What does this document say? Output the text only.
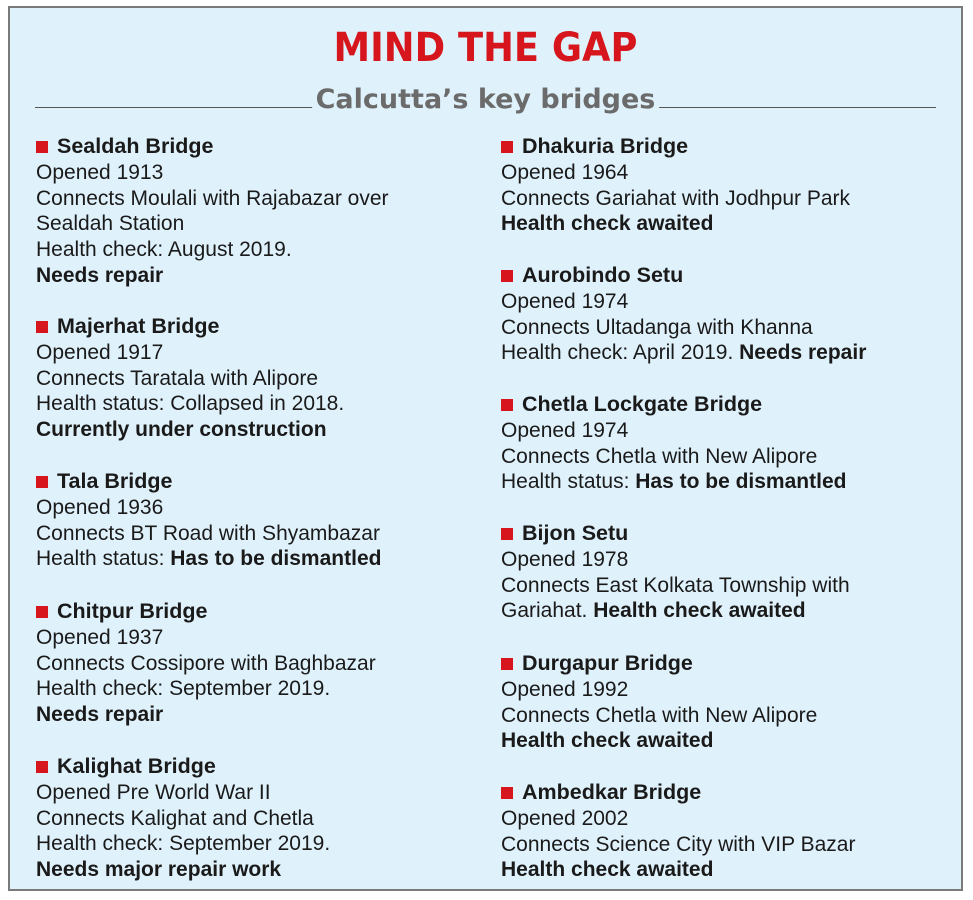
MIND THE GAP
Calcutta’s key bridges
Sealdah Bridge
Opened 1913
Connects Moulali with Rajabazar over
Sealdah Station
Health check: August 2019.
Needs repair
Majerhat Bridge
Opened 1917
Connects Taratala with Alipore
Health status: Collapsed in 2018.
Currently under construction
Tala Bridge
Opened 1936
Connects BT Road with Shyambazar
Health status: Has to be dismantled
Chitpur Bridge
Opened 1937
Connects Cossipore with Baghbazar
Health check: September 2019.
Needs repair
Kalighat Bridge
Opened Pre World War II
Connects Kalighat and Chetla
Health check: September 2019.
Needs major repair work
Dhakuria Bridge
Opened 1964
Connects Gariahat with Jodhpur Park
Health check awaited
Aurobindo Setu
Opened 1974
Connects Ultadanga with Khanna
Health check: April 2019. Needs repair
Chetla Lockgate Bridge
Opened 1974
Connects Chetla with New Alipore
Health status: Has to be dismantled
Bijon Setu
Opened 1978
Connects East Kolkata Township with
Gariahat. Health check awaited
Durgapur Bridge
Opened 1992
Connects Chetla with New Alipore
Health check awaited
Ambedkar Bridge
Opened 2002
Connects Science City with VIP Bazar
Health check awaited
